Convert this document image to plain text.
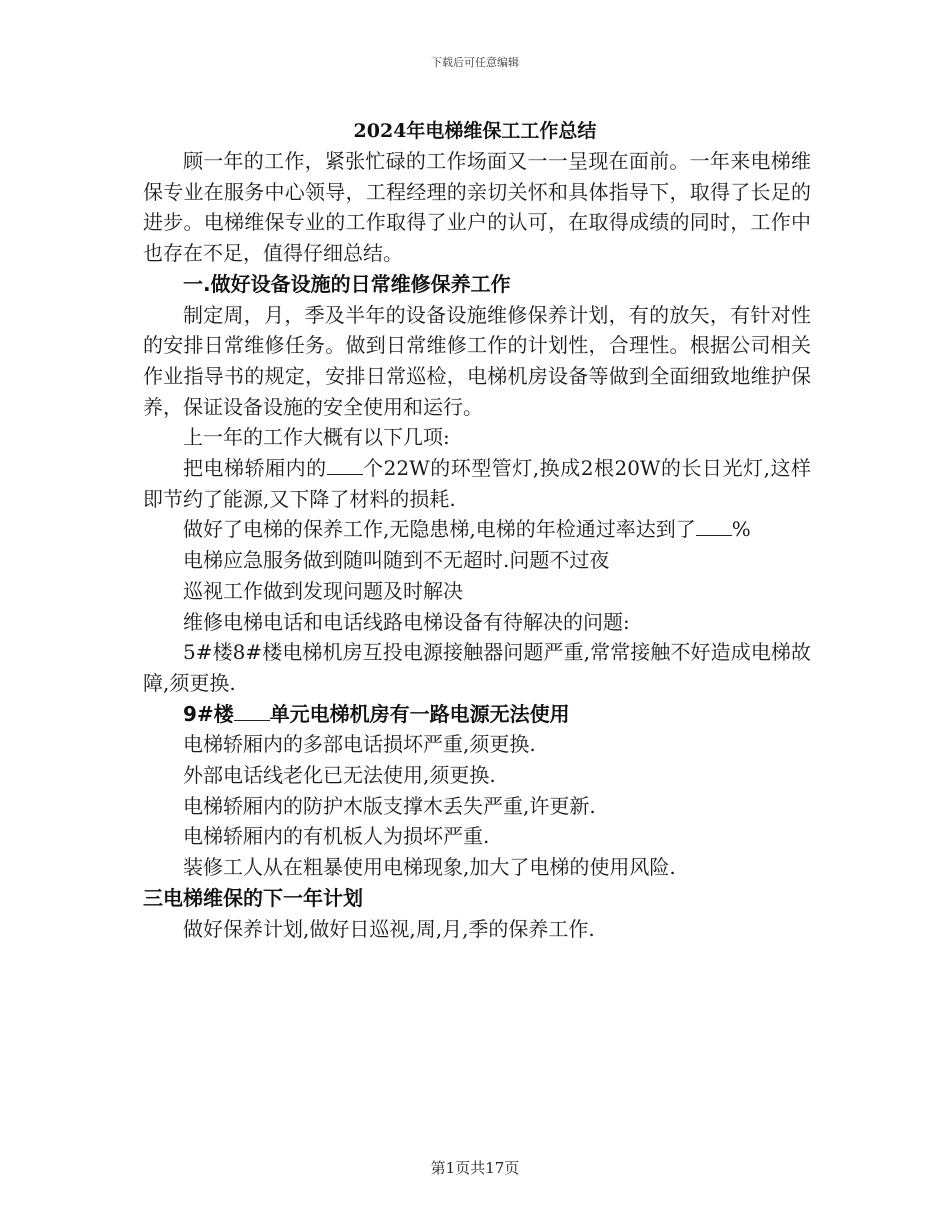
下载后可任意编辑
2024年电梯维保工工作总结

顾一年的工作，紧张忙碌的工作场面又一一呈现在面前。一年来电梯维保专业在服务中心领导，工程经理的亲切关怀和具体指导下，取得了长足的进步。电梯维保专业的工作取得了业户的认可，在取得成绩的同时，工作中也存在不足，值得仔细总结。

一.做好设备设施的日常维修保养工作

制定周，月，季及半年的设备设施维修保养计划，有的放矢，有针对性的安排日常维修任务。做到日常维修工作的计划性，合理性。根据公司相关作业指导书的规定，安排日常巡检，电梯机房设备等做到全面细致地维护保养，保证设备设施的安全使用和运行。

上一年的工作大概有以下几项:

把电梯轿厢内的 个22W的环型管灯,换成2根20W的长日光灯,这样即节约了能源,又下降了材料的损耗.

做好了电梯的保养工作,无隐患梯,电梯的年检通过率达到了 %

电梯应急服务做到随叫随到不无超时.问题不过夜

巡视工作做到发现问题及时解决

维修电梯电话和电话线路电梯设备有待解决的问题:

5#楼8#楼电梯机房互投电源接触器问题严重,常常接触不好造成电梯故障,须更换.

9#楼 单元电梯机房有一路电源无法使用

电梯轿厢内的多部电话损坏严重,须更换.

外部电话线老化已无法使用,须更换.

电梯轿厢内的防护木版支撑木丢失严重,许更新.

电梯轿厢内的有机板人为损坏严重.

装修工人从在粗暴使用电梯现象,加大了电梯的使用风险.

三电梯维保的下一年计划

做好保养计划,做好日巡视,周,月,季的保养工作.

第1页共17页
